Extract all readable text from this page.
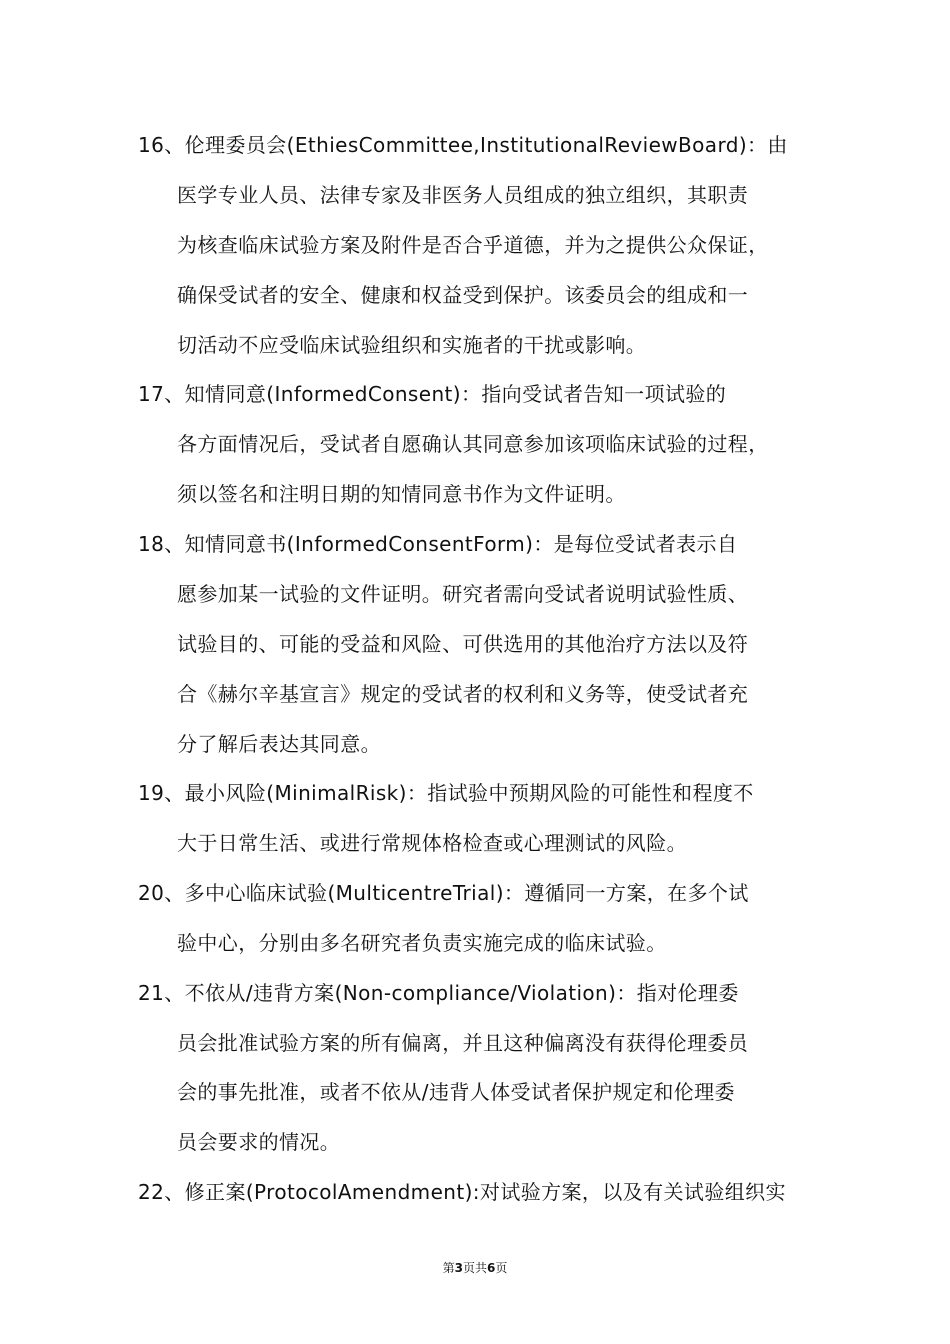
16、伦理委员会(EthiesCommittee,InstitutionalReviewBoard)：由
医学专业人员、法律专家及非医务人员组成的独立组织，其职责
为核查临床试验方案及附件是否合乎道德，并为之提供公众保证，
确保受试者的安全、健康和权益受到保护。该委员会的组成和一
切活动不应受临床试验组织和实施者的干扰或影响。
17、知情同意(InformedConsent)：指向受试者告知一项试验的
各方面情况后，受试者自愿确认其同意参加该项临床试验的过程，
须以签名和注明日期的知情同意书作为文件证明。
18、知情同意书(InformedConsentForm)：是每位受试者表示自
愿参加某一试验的文件证明。研究者需向受试者说明试验性质、
试验目的、可能的受益和风险、可供选用的其他治疗方法以及符
合《赫尔辛基宣言》规定的受试者的权利和义务等，使受试者充
分了解后表达其同意。
19、最小风险(MinimalRisk)：指试验中预期风险的可能性和程度不
大于日常生活、或进行常规体格检查或心理测试的风险。
20、多中心临床试验(MulticentreTrial)：遵循同一方案，在多个试
验中心，分别由多名研究者负责实施完成的临床试验。
21、不依从/违背方案(Non-compliance/Violation)：指对伦理委
员会批准试验方案的所有偏离，并且这种偏离没有获得伦理委员
会的事先批准，或者不依从/违背人体受试者保护规定和伦理委
员会要求的情况。
22、修正案(ProtocolAmendment):对试验方案，以及有关试验组织实
第3页共6页
